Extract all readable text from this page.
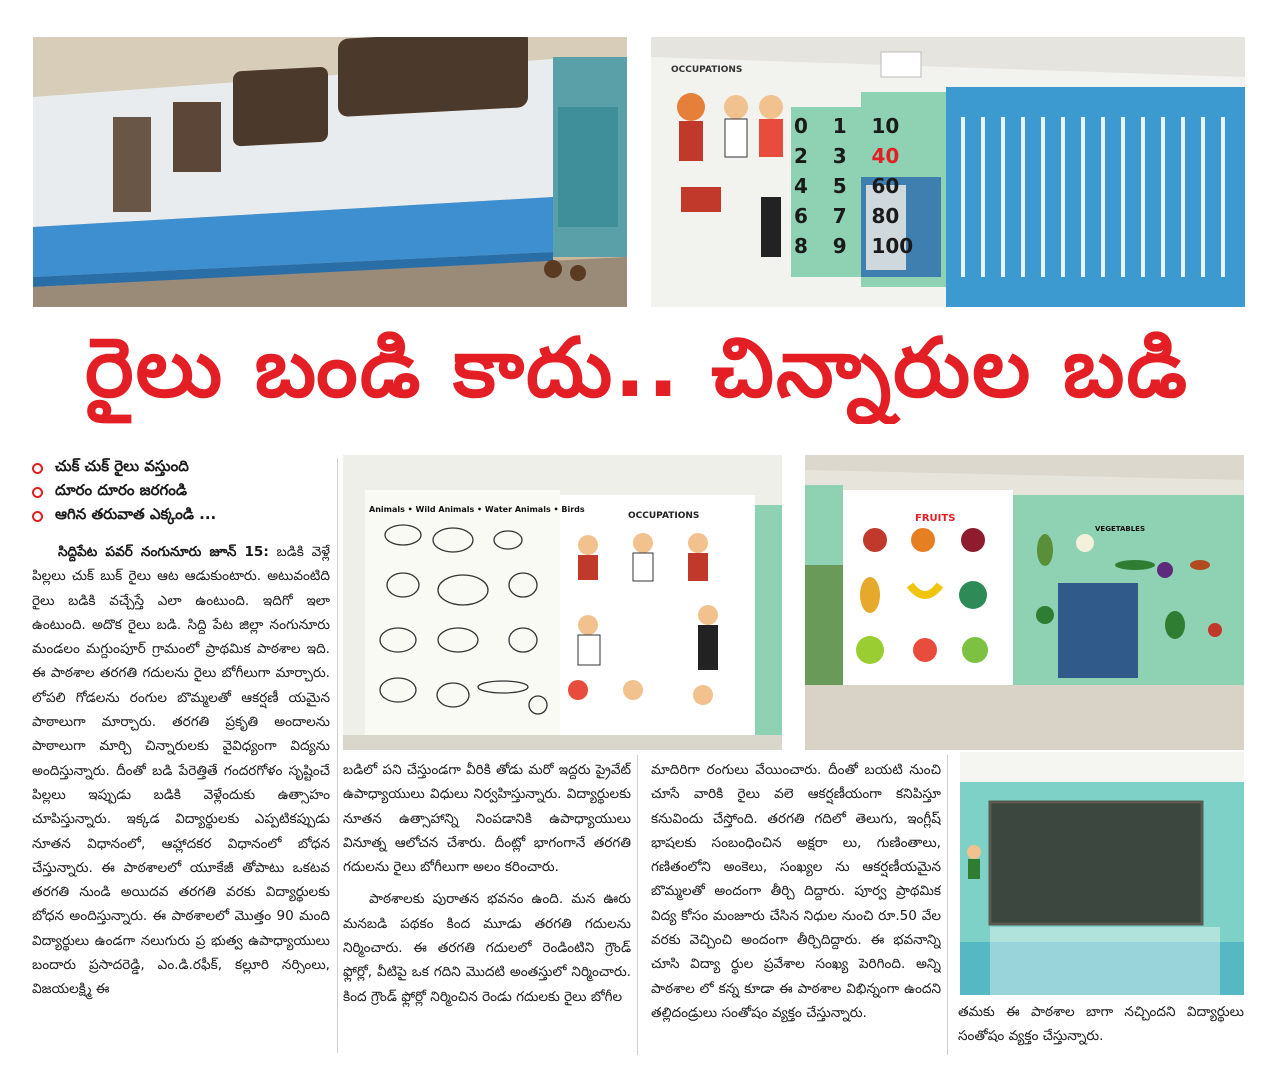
OCCUPATIONS
0	1	10
2	3	40
4	5	60
6	7	80
8	9	100
రైలు బండి కాదు.. చిన్నారుల బడి
చుక్ చుక్ రైలు వస్తుంది
దూరం దూరం జరగండి
ఆగిన తరువాత ఎక్కండి ...	Animals • Wild Animals • Water Animals • Birds
OCCUPATIONS	FRUITS
VEGETABLES

సిద్దిపేట పవర్ నంగునూరు జూన్ 15: బడికి వెళ్లే పిల్లలు చుక్ బుక్ రైలు ఆట ఆడుకుంటారు. అటువంటిది రైలు బడికి వచ్చేస్తే ఎలా ఉంటుంది. ఇదిగో ఇలా ఉంటుంది. అదొక రైలు బడి. సిద్ది పేట జిల్లా నంగునూరు మండలం మగ్దుంపూర్ గ్రామంలో ప్రాథమిక పాఠశాల ఇది. ఈ పాఠశాల తరగతి గదులను రైలు బోగీలుగా మార్చారు. లోపలి గోడలను రంగుల బొమ్మలతో ఆకర్షణీ యమైన పాఠాలుగా మార్చారు. తరగతి ప్రకృతి అందాలను పాఠాలుగా మార్చి చిన్నారులకు వైవిధ్యంగా విద్యను అందిస్తున్నారు. దీంతో బడి పేరెత్తితే గందరగోళం సృష్టించే పిల్లలు ఇప్పుడు బడికి వెళ్లేందుకు ఉత్సాహం చూపిస్తున్నారు. ఇక్కడ విద్యార్థులకు ఎప్పటికప్పుడు నూతన విధానంలో, ఆహ్లాదకర విధానంలో బోధన చేస్తున్నారు. ఈ పాఠశాలలో యూకేజీ తోపాటు ఒకటవ తరగతి నుండి అయిదవ తరగతి వరకు విద్యార్థులకు బోధన అందిస్తున్నారు. ఈ పాఠశాలలో మొత్తం 90 మంది విద్యార్థులు ఉండగా నలుగురు ప్ర భుత్వ ఉపాధ్యాయులు బందారు ప్రసాదరెడ్డి, ఎం.డి.రఫీక్, కల్లూరి నర్సింలు, విజయలక్ష్మి ఈ

బడిలో పని చేస్తుండగా వీరికి తోడు మరో ఇద్దరు ప్రైవేట్ ఉపాధ్యాయులు విధులు నిర్వహిస్తున్నారు. విద్యార్థులకు నూతన ఉత్సాహాన్ని నింపడానికి ఉపాధ్యాయులు వినూత్న ఆలోచన చేశారు. దీంట్లో భాగంగానే తరగతి గదులను రైలు బోగీలుగా అలం కరించారు.

పాఠశాలకు పురాతన భవనం ఉంది. మన ఊరు మనబడి పథకం కింద మూడు తరగతి గదులను నిర్మించారు. ఈ తరగతి గదులలో రెండింటిని గ్రౌండ్ ఫ్లోర్లో, వీటిపై ఒక గదిని మొదటి అంతస్తులో నిర్మించారు. కింద గ్రౌండ్ ఫ్లోర్లో నిర్మించిన రెండు గదులకు రైలు బోగీల

మాదిరిగా రంగులు వేయించారు. దీంతో బయటి నుంచి చూసే వారికి రైలు వలె ఆకర్షణీయంగా కనిపిస్తూ కనువిందు చేస్తోంది. తరగతి గదిలో తెలుగు, ఇంగ్లీష్ భాషలకు సంబంధించిన అక్షరా లు, గుణింతాలు, గణితంలోని అంకెలు, సంఖ్యల ను ఆకర్షణీయమైన బొమ్మలతో అందంగా తీర్చి దిద్దారు. పూర్వ ప్రాథమిక విద్య కోసం మంజూరు చేసిన నిధుల నుంచి రూ.50 వేల వరకు వెచ్చించి అందంగా తీర్చిదిద్దారు. ఈ భవనాన్ని చూసి విద్యా ర్థుల ప్రవేశాల సంఖ్య పెరిగింది. అన్ని పాఠశాల లో కన్న కూడా ఈ పాఠశాల విభిన్నంగా ఉందని తల్లిదండ్రులు సంతోషం వ్యక్తం చేస్తున్నారు.	తమకు ఈ పాఠశాల బాగా నచ్చిందని విద్యార్థులు సంతోషం వ్యక్తం చేస్తున్నారు.
